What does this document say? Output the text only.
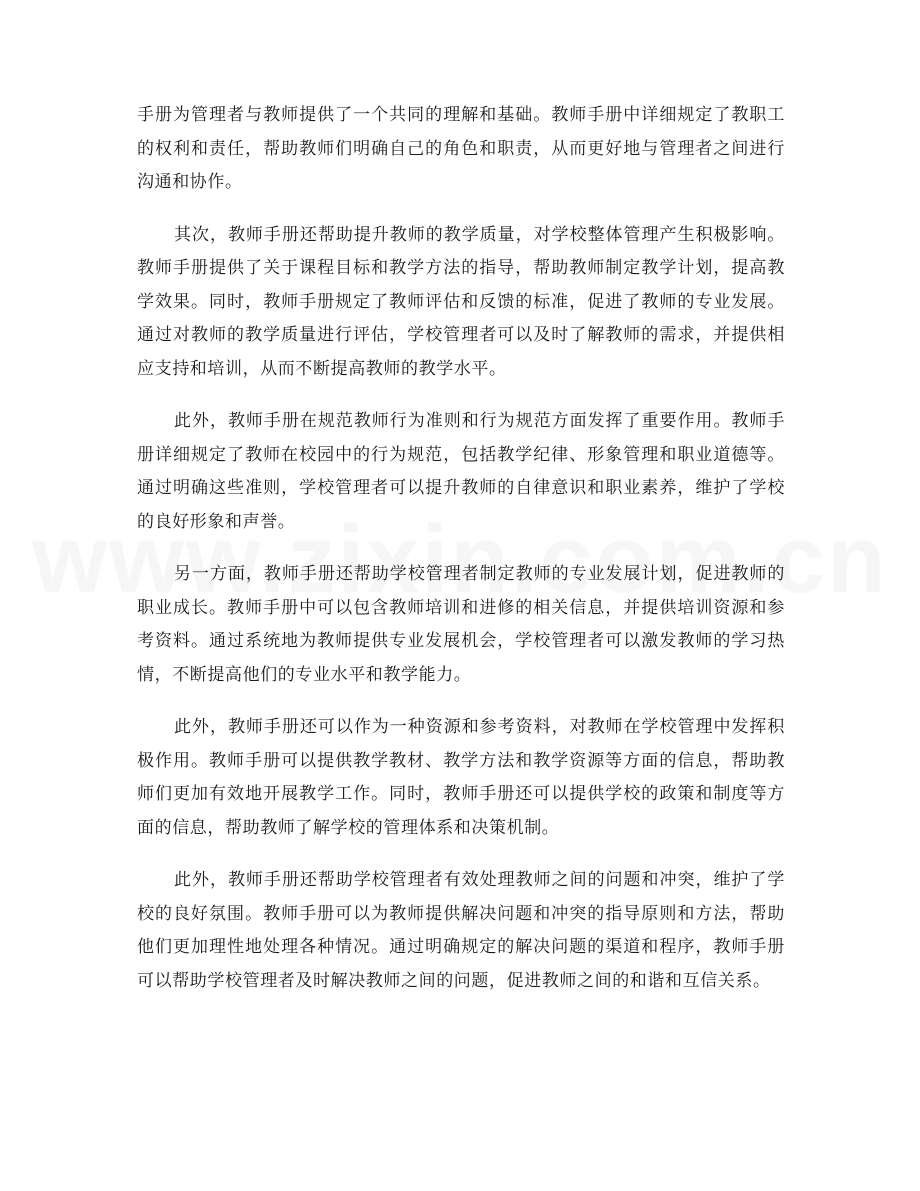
手册为管理者与教师提供了一个共同的理解和基础。教师手册中详细规定了教职工的权利和责任，帮助教师们明确自己的角色和职责，从而更好地与管理者之间进行沟通和协作。

其次，教师手册还帮助提升教师的教学质量，对学校整体管理产生积极影响。教师手册提供了关于课程目标和教学方法的指导，帮助教师制定教学计划，提高教学效果。同时，教师手册规定了教师评估和反馈的标准，促进了教师的专业发展。通过对教师的教学质量进行评估，学校管理者可以及时了解教师的需求，并提供相应支持和培训，从而不断提高教师的教学水平。

此外，教师手册在规范教师行为准则和行为规范方面发挥了重要作用。教师手册详细规定了教师在校园中的行为规范，包括教学纪律、形象管理和职业道德等。通过明确这些准则，学校管理者可以提升教师的自律意识和职业素养，维护了学校的良好形象和声誉。

另一方面，教师手册还帮助学校管理者制定教师的专业发展计划，促进教师的职业成长。教师手册中可以包含教师培训和进修的相关信息，并提供培训资源和参考资料。通过系统地为教师提供专业发展机会，学校管理者可以激发教师的学习热情，不断提高他们的专业水平和教学能力。

此外，教师手册还可以作为一种资源和参考资料，对教师在学校管理中发挥积极作用。教师手册可以提供教学教材、教学方法和教学资源等方面的信息，帮助教师们更加有效地开展教学工作。同时，教师手册还可以提供学校的政策和制度等方面的信息，帮助教师了解学校的管理体系和决策机制。

此外，教师手册还帮助学校管理者有效处理教师之间的问题和冲突，维护了学校的良好氛围。教师手册可以为教师提供解决问题和冲突的指导原则和方法，帮助他们更加理性地处理各种情况。通过明确规定的解决问题的渠道和程序，教师手册可以帮助学校管理者及时解决教师之间的问题，促进教师之间的和谐和互信关系。
